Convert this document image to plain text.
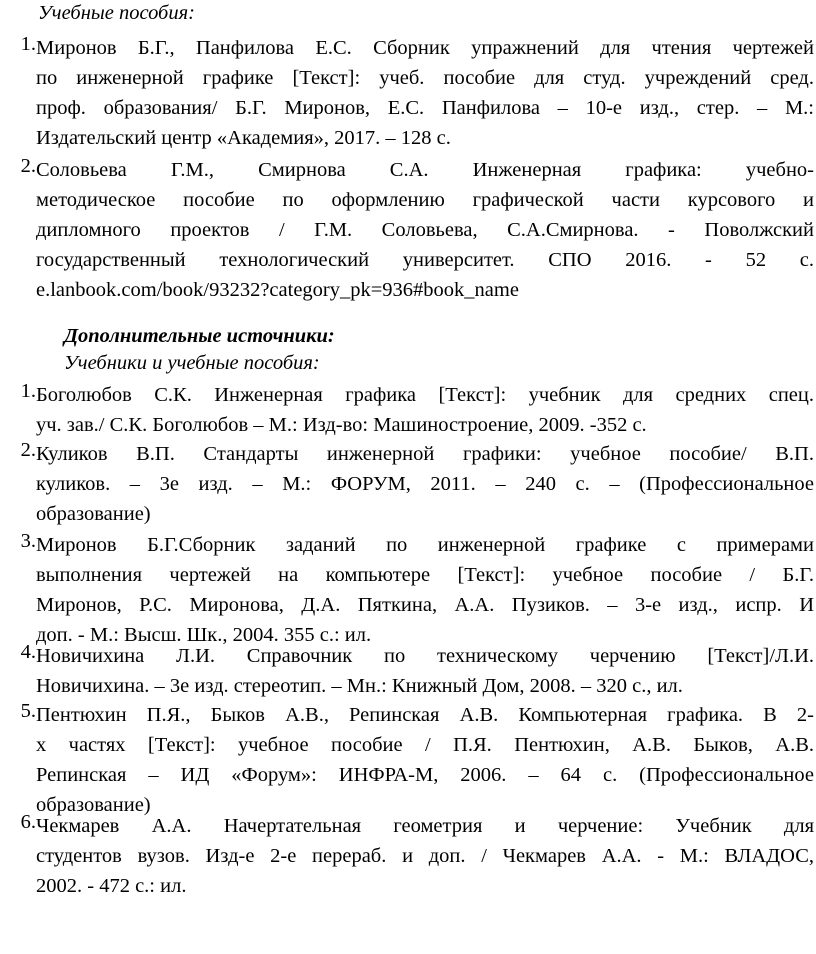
Учебные пособия:
1. Миронов Б.Г., Панфилова Е.С. Сборник упражнений для чтения чертежей
по инженерной графике [Текст]: учеб. пособие для студ. учреждений сред.
проф. образования/ Б.Г. Миронов, Е.С. Панфилова – 10-е изд., стер. – М.:
Издательский центр «Академия», 2017. – 128 с.
2. Соловьева Г.М., Смирнова С.А. Инженерная графика: учебно-
методическое пособие по оформлению графической части курсового и
дипломного проектов / Г.М. Соловьева, С.А.Смирнова. - Поволжский
государственный технологический университет. СПО 2016. - 52 с.
e.lanbook.com/book/93232?category_pk=936#book_name
Дополнительные источники:
Учебники и учебные пособия:
1. Боголюбов С.К. Инженерная графика [Текст]: учебник для средних спец.
уч. зав./ С.К. Боголюбов – М.: Изд-во: Машиностроение, 2009. -352 с.
2. Куликов В.П. Стандарты инженерной графики: учебное пособие/ В.П.
куликов. – 3е изд. – М.: ФОРУМ, 2011. – 240 с. – (Профессиональное
образование)
3. Миронов Б.Г.Сборник заданий по инженерной графике с примерами
выполнения чертежей на компьютере [Текст]: учебное пособие / Б.Г.
Миронов, Р.С. Миронова, Д.А. Пяткина, А.А. Пузиков. – 3-е изд., испр. И
доп. - М.: Высш. Шк., 2004. 355 с.: ил.
4. Новичихина Л.И. Справочник по техническому черчению [Текст]/Л.И.
Новичихина. – 3е изд. стереотип. – Мн.: Книжный Дом, 2008. – 320 с., ил.
5. Пентюхин П.Я., Быков А.В., Репинская А.В. Компьютерная графика. В 2-
х частях [Текст]: учебное пособие / П.Я. Пентюхин, А.В. Быков, А.В.
Репинская – ИД «Форум»: ИНФРА-М, 2006. – 64 с. (Профессиональное
образование)
6. Чекмарев А.А. Начертательная геометрия и черчение: Учебник для
студентов вузов. Изд-е 2-е перераб. и доп. / Чекмарев А.А. - М.: ВЛАДОС,
2002. - 472 с.: ил.
